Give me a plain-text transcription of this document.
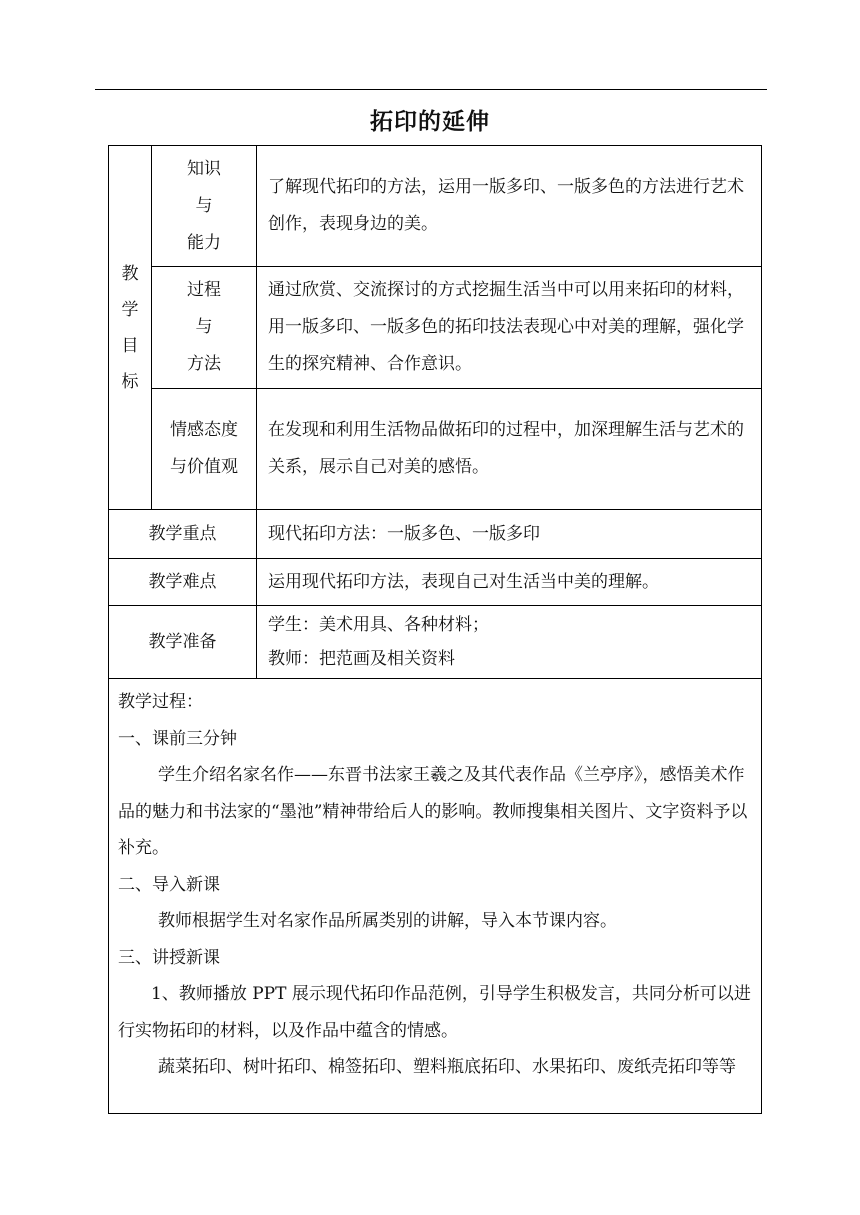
拓印的延伸
教
学
目
标
知识
与
能力

了解现代拓印的方法，运用一版多印、一版多色的方法进行艺术创作，表现身边的美。

过程
与
方法

通过欣赏、交流探讨的方式挖掘生活当中可以用来拓印的材料，用一版多印、一版多色的拓印技法表现心中对美的理解，强化学生的探究精神、合作意识。

情感态度
与价值观

在发现和利用生活物品做拓印的过程中，加深理解生活与艺术的关系，展示自己对美的感悟。

教学重点	现代拓印方法：一版多色、一版多印
教学难点	运用现代拓印方法，表现自己对生活当中美的理解。
教学准备
学生：美术用具、各种材料；
教师：把范画及相关资料

教学过程：

一、课前三分钟

学生介绍名家名作——东晋书法家王羲之及其代表作品《兰亭序》，感悟美术作品的魅力和书法家的“墨池”精神带给后人的影响。教师搜集相关图片、文字资料予以补充。

二、导入新课

教师根据学生对名家作品所属类别的讲解，导入本节课内容。

三、讲授新课

1、教师播放 PPT 展示现代拓印作品范例，引导学生积极发言，共同分析可以进行实物拓印的材料，以及作品中蕴含的情感。

蔬菜拓印、树叶拓印、棉签拓印、塑料瓶底拓印、水果拓印、废纸壳拓印等等
